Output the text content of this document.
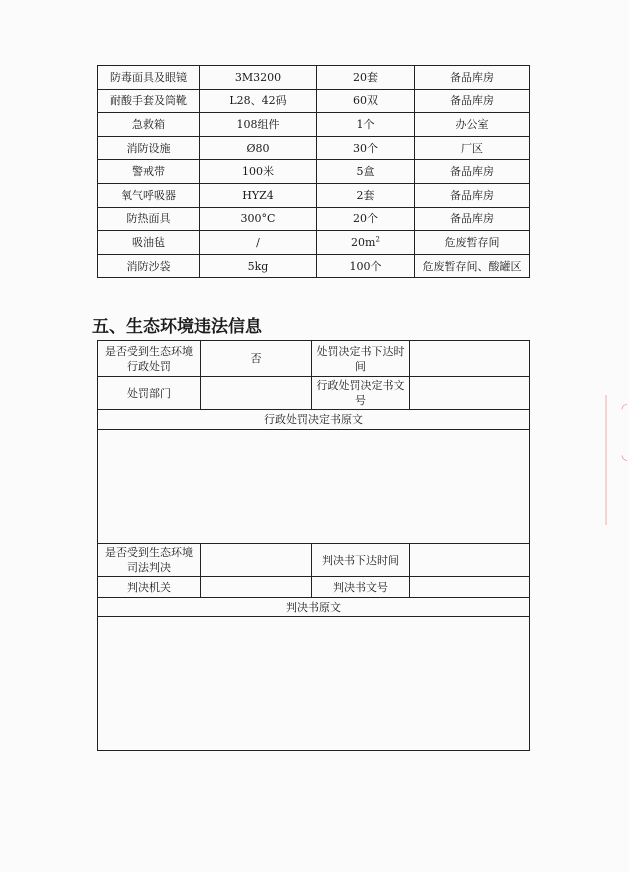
防毒面具及眼镜	3M3200	20套	备品库房
耐酸手套及筒靴	L28、42码	60双	备品库房
急救箱	108组件	1个	办公室
消防设施	Ø80	30个	厂区
警戒带	100米	5盒	备品库房
氧气呼吸器	HYZ4	2套	备品库房
防热面具	300°C	20个	备品库房
吸油毡	/	$20m^2$	危废暂存间
消防沙袋	5kg	100个	危废暂存间、酸罐区
五、生态环境违法信息
是否受到生态环境行政处罚	否	处罚决定书下达时间	
处罚部门		行政处罚决定书文号	
行政处罚决定书原文			

是否受到生态环境司法判决		判决书下达时间	
判决机关		判决书文号	
判决书原文			

◜
◟
